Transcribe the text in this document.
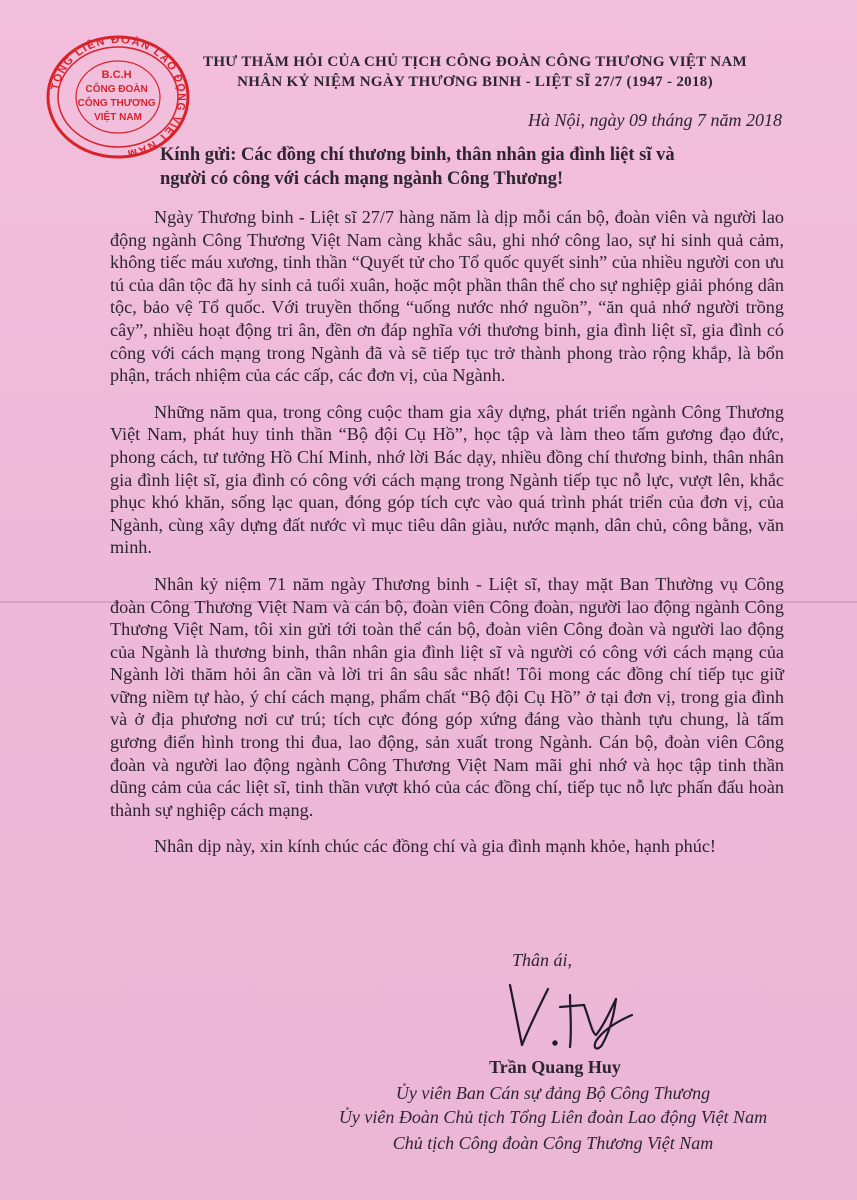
B.C.H CÔNG ĐOÀN CÔNG THƯƠNG VIỆT NAM
TỔNG LIÊN ĐOÀN LAO ĐỘNG VIỆT NAM
THƯ THĂM HỎI CỦA CHỦ TỊCH CÔNG ĐOÀN CÔNG THƯƠNG VIỆT NAM
NHÂN KỶ NIỆM NGÀY THƯƠNG BINH - LIỆT SĨ 27/7 (1947 - 2018)
Hà Nội, ngày 09 tháng 7 năm 2018
Kính gửi: Các đồng chí thương binh, thân nhân gia đình liệt sĩ và
người có công với cách mạng ngành Công Thương!

Ngày Thương binh - Liệt sĩ 27/7 hàng năm là dịp mỗi cán bộ, đoàn viên và người lao động ngành Công Thương Việt Nam càng khắc sâu, ghi nhớ công lao, sự hi sinh quả cảm, không tiếc máu xương, tinh thần “Quyết tử cho Tổ quốc quyết sinh” của nhiều người con ưu tú của dân tộc đã hy sinh cả tuổi xuân, hoặc một phần thân thể cho sự nghiệp giải phóng dân tộc, bảo vệ Tổ quốc. Với truyền thống “uống nước nhớ nguồn”, “ăn quả nhớ người trồng cây”, nhiều hoạt động tri ân, đền ơn đáp nghĩa với thương binh, gia đình liệt sĩ, gia đình có công với cách mạng trong Ngành đã và sẽ tiếp tục trở thành phong trào rộng khắp, là bổn phận, trách nhiệm của các cấp, các đơn vị, của Ngành.

Những năm qua, trong công cuộc tham gia xây dựng, phát triển ngành Công Thương Việt Nam, phát huy tinh thần “Bộ đội Cụ Hồ”, học tập và làm theo tấm gương đạo đức, phong cách, tư tưởng Hồ Chí Minh, nhớ lời Bác dạy, nhiều đồng chí thương binh, thân nhân gia đình liệt sĩ, gia đình có công với cách mạng trong Ngành tiếp tục nỗ lực, vượt lên, khắc phục khó khăn, sống lạc quan, đóng góp tích cực vào quá trình phát triển của đơn vị, của Ngành, cùng xây dựng đất nước vì mục tiêu dân giàu, nước mạnh, dân chủ, công bằng, văn minh.

Nhân kỷ niệm 71 năm ngày Thương binh - Liệt sĩ, thay mặt Ban Thường vụ Công đoàn Công Thương Việt Nam và cán bộ, đoàn viên Công đoàn, người lao động ngành Công Thương Việt Nam, tôi xin gửi tới toàn thể cán bộ, đoàn viên Công đoàn và người lao động của Ngành là thương binh, thân nhân gia đình liệt sĩ và người có công với cách mạng của Ngành lời thăm hỏi ân cần và lời tri ân sâu sắc nhất! Tôi mong các đồng chí tiếp tục giữ vững niềm tự hào, ý chí cách mạng, phẩm chất “Bộ đội Cụ Hồ” ở tại đơn vị, trong gia đình và ở địa phương nơi cư trú; tích cực đóng góp xứng đáng vào thành tựu chung, là tấm gương điển hình trong thi đua, lao động, sản xuất trong Ngành. Cán bộ, đoàn viên Công đoàn và người lao động ngành Công Thương Việt Nam mãi ghi nhớ và học tập tinh thần dũng cảm của các liệt sĩ, tinh thần vượt khó của các đồng chí, tiếp tục nỗ lực phấn đấu hoàn thành sự nghiệp cách mạng.

Nhân dịp này, xin kính chúc các đồng chí và gia đình mạnh khỏe, hạnh phúc!

Thân ái,
Trần Quang Huy
Ủy viên Ban Cán sự đảng Bộ Công Thương
Ủy viên Đoàn Chủ tịch Tổng Liên đoàn Lao động Việt Nam
Chủ tịch Công đoàn Công Thương Việt Nam
